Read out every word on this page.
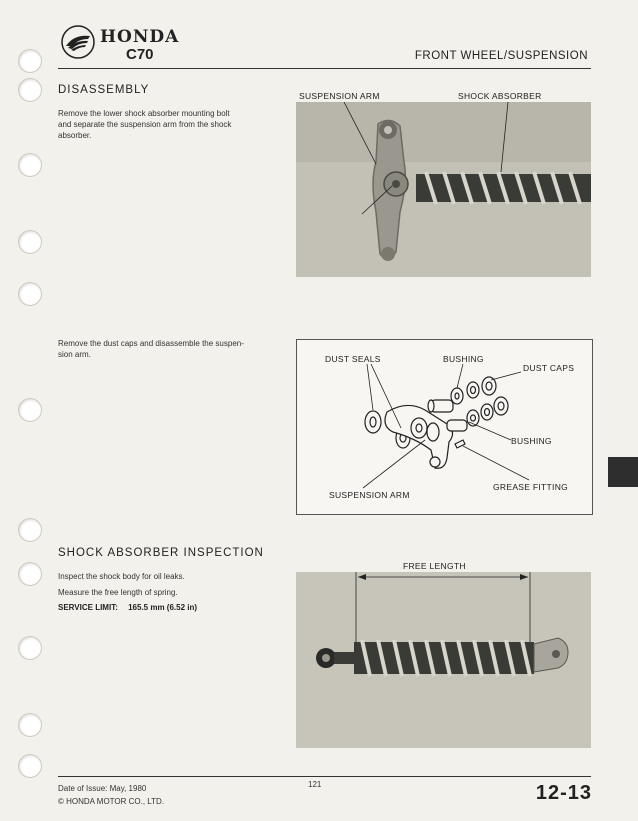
HONDA
C70	FRONT WHEEL/SUSPENSION
DISASSEMBLY
Remove the lower shock absorber mounting bolt
and separate the suspension arm from the shock
absorber.
SUSPENSION ARM	SHOCK ABSORBER
Remove the dust caps and disassemble the suspen-
sion arm.	DUST SEALS	BUSHING
DUST CAPS
BUSHING
GREASE FITTING
SUSPENSION ARM
SHOCK ABSORBER INSPECTION
Inspect the shock body for oil leaks.
Measure the free length of spring.
SERVICE LIMIT: 165.5 mm (6.52 in)
FREE LENGTH
121
Date of Issue: May, 1980
© HONDA MOTOR CO., LTD.	12-13
